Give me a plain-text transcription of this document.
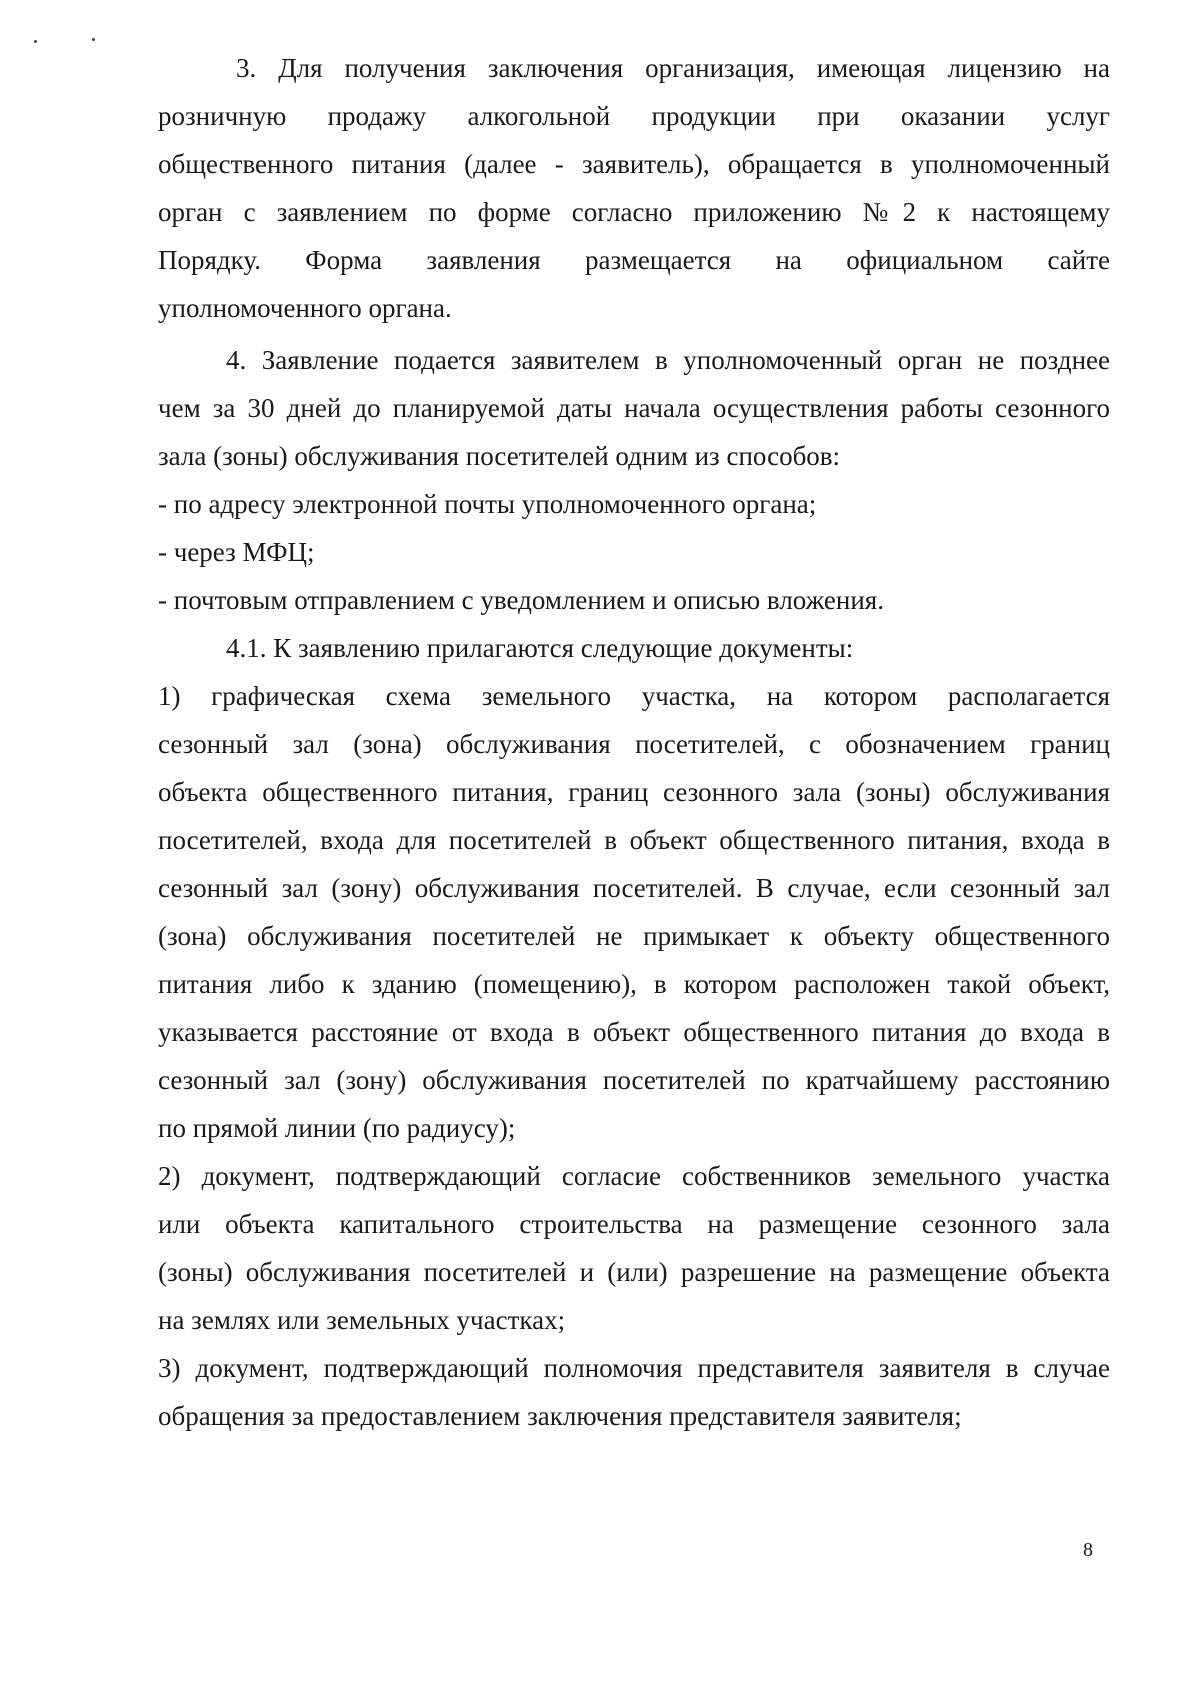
3. Для получения заключения организация, имеющая лицензию на
розничную продажу алкогольной продукции при оказании услуг
общественного питания (далее - заявитель), обращается в уполномоченный
орган с заявлением по форме согласно приложению №2 к настоящему
Порядку. Форма заявления размещается на официальном сайте
уполномоченного органа.
4. Заявление подается заявителем в уполномоченный орган не позднее
чем за 30 дней до планируемой даты начала осуществления работы сезонного
зала (зоны) обслуживания посетителей одним из способов:
- по адресу электронной почты уполномоченного органа;
- через МФЦ;
- почтовым отправлением с уведомлением и описью вложения.
4.1. К заявлению прилагаются следующие документы:
1) графическая схема земельного участка, на котором располагается
сезонный зал (зона) обслуживания посетителей, с обозначением границ
объекта общественного питания, границ сезонного зала (зоны) обслуживания
посетителей, входа для посетителей в объект общественного питания, входа в
сезонный зал (зону) обслуживания посетителей. В случае, если сезонный зал
(зона) обслуживания посетителей не примыкает к объекту общественного
питания либо к зданию (помещению), в котором расположен такой объект,
указывается расстояние от входа в объект общественного питания до входа в
сезонный зал (зону) обслуживания посетителей по кратчайшему расстоянию
по прямой линии (по радиусу);
2) документ, подтверждающий согласие собственников земельного участка
или объекта капитального строительства на размещение сезонного зала
(зоны) обслуживания посетителей и (или) разрешение на размещение объекта
на землях или земельных участках;
3) документ, подтверждающий полномочия представителя заявителя в случае
обращения за предоставлением заключения представителя заявителя;
8
